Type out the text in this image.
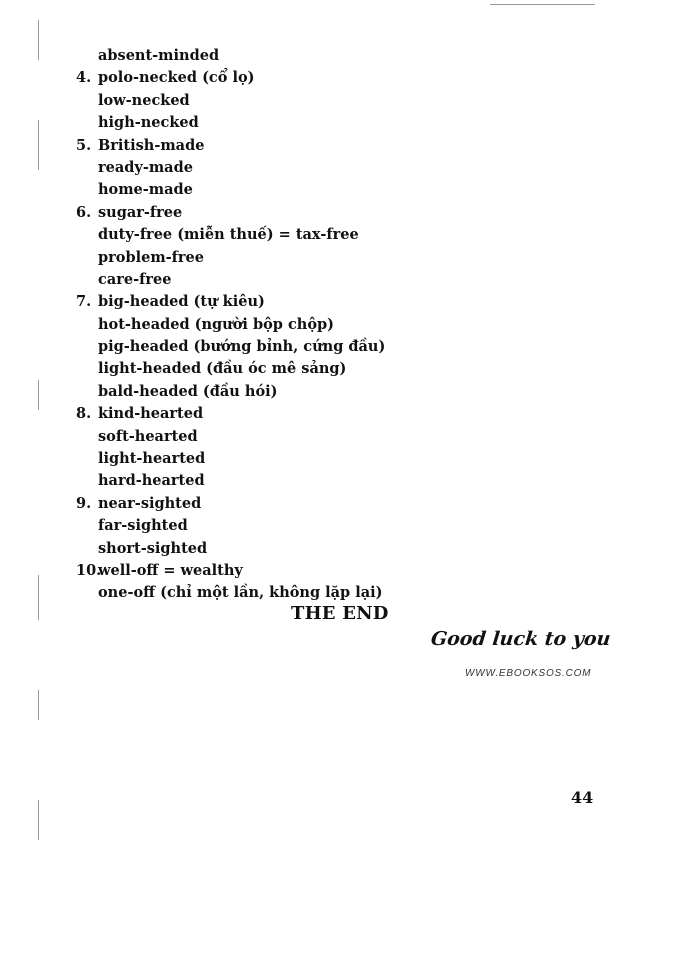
absent-minded
4. polo-necked (cổ lọ)
low-necked
high-necked
5. British-made
ready-made
home-made
6. sugar-free
duty-free (miễn thuế) = tax-free
problem-free
care-free
7. big-headed (tự kiêu)
hot-headed (người bộp chộp)
pig-headed (bướng bỉnh, cứng đầu)
light-headed (đầu óc mê sảng)
bald-headed (đầu hói)
8. kind-hearted
soft-hearted
light-hearted
hard-hearted
9. near-sighted
far-sighted
short-sighted
10.
well-off = wealthy
one-off (chỉ một lần, không lặp lại)
THE END
Good luck to you
WWW.EBOOKSOS.COM
44
